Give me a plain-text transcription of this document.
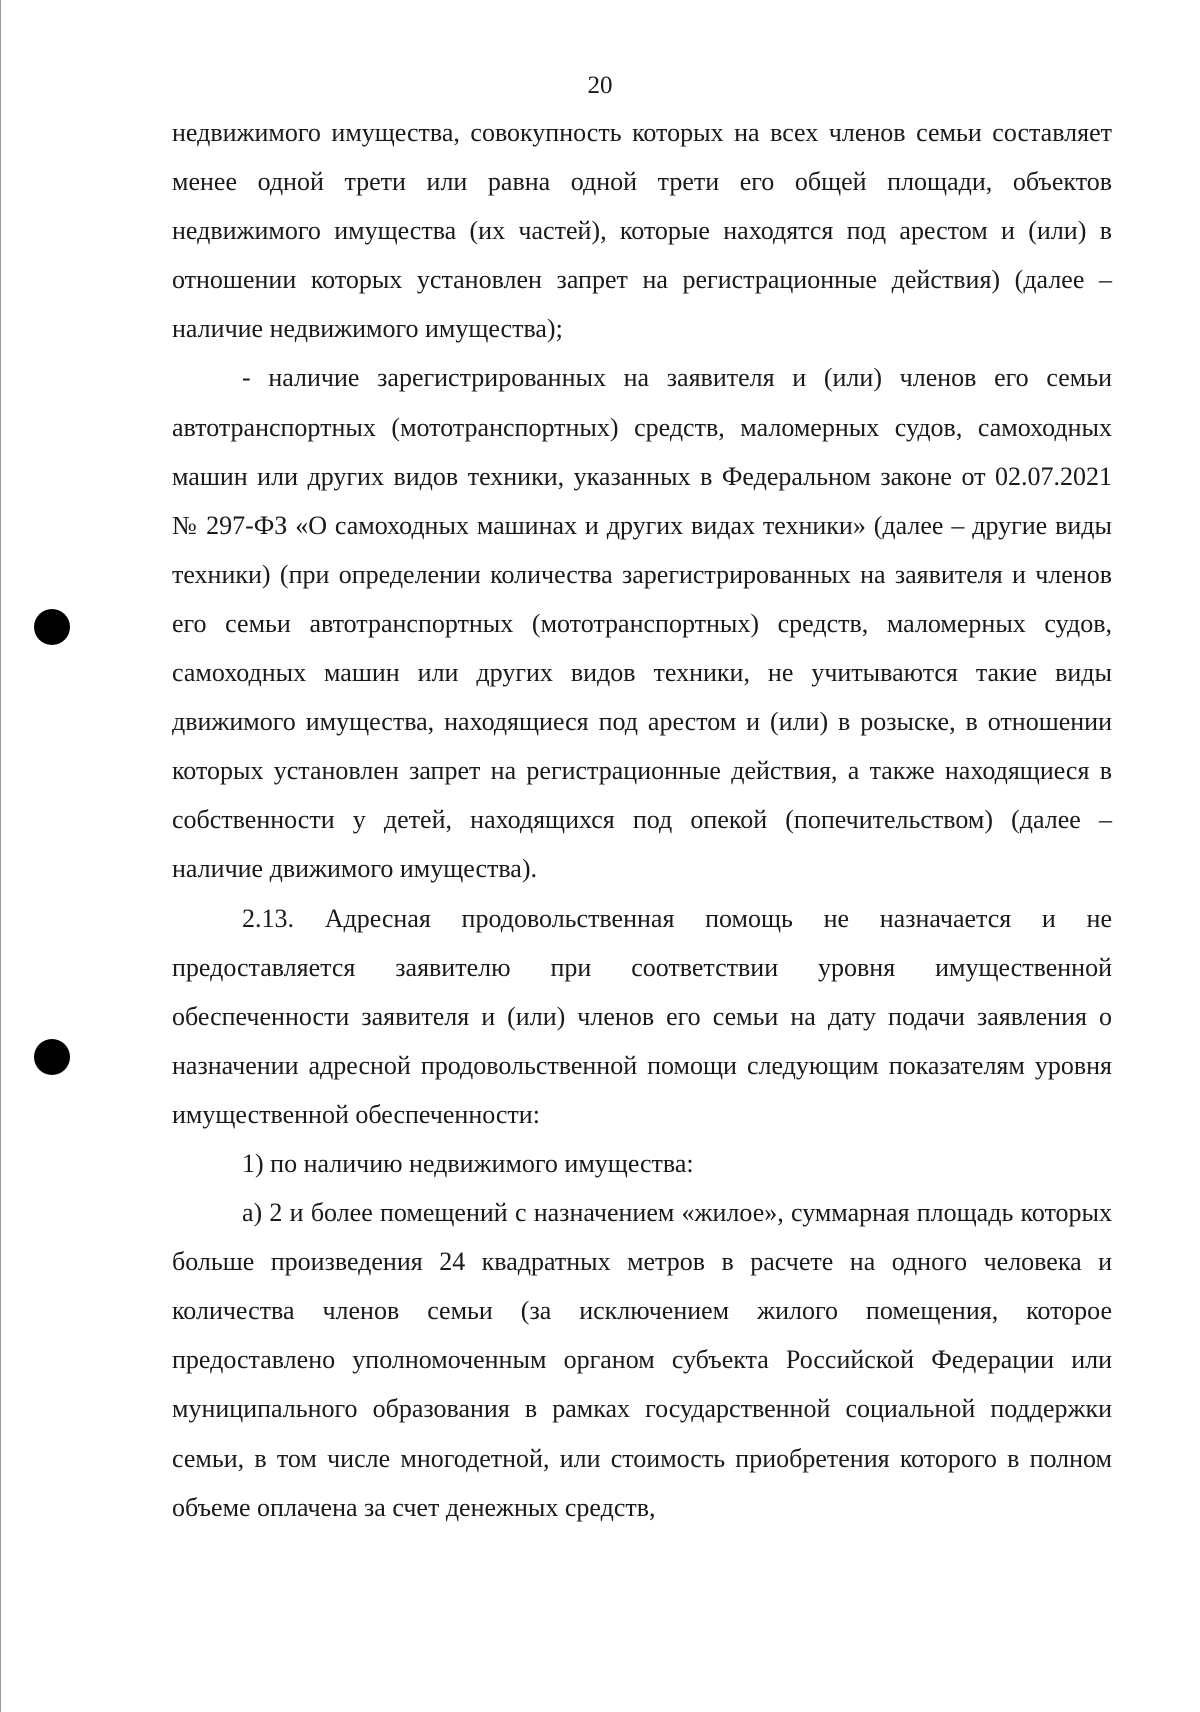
20

недвижимого имущества, совокупность которых на всех членов семьи составляет менее одной трети или равна одной трети его общей площади, объектов недвижимого имущества (их частей), которые находятся под арестом и (или) в отношении которых установлен запрет на регистрационные действия) (далее – наличие недвижимого имущества);

- наличие зарегистрированных на заявителя и (или) членов его семьи автотранспортных (мототранспортных) средств, маломерных судов, самоходных машин или других видов техники, указанных в Федеральном законе от 02.07.2021 № 297-ФЗ «О самоходных машинах и других видах техники» (далее – другие виды техники) (при определении количества зарегистрированных на заявителя и членов его семьи автотранспортных (мототранспортных) средств, маломерных судов, самоходных машин или других видов техники, не учитываются такие виды движимого имущества, находящиеся под арестом и (или) в розыске, в отношении которых установлен запрет на регистрационные действия, а также находящиеся в собственности у детей, находящихся под опекой (попечительством) (далее – наличие движимого имущества).

2.13. Адресная продовольственная помощь не назначается и не предоставляется заявителю при соответствии уровня имущественной обеспеченности заявителя и (или) членов его семьи на дату подачи заявления о назначении адресной продовольственной помощи следующим показателям уровня имущественной обеспеченности:

1) по наличию недвижимого имущества:

а) 2 и более помещений с назначением «жилое», суммарная площадь которых больше произведения 24 квадратных метров в расчете на одного человека и количества членов семьи (за исключением жилого помещения, которое предоставлено уполномоченным органом субъекта Российской Федерации или муниципального образования в рамках государственной социальной поддержки семьи, в том числе многодетной, или стоимость приобретения которого в полном объеме оплачена за счет денежных средств,
